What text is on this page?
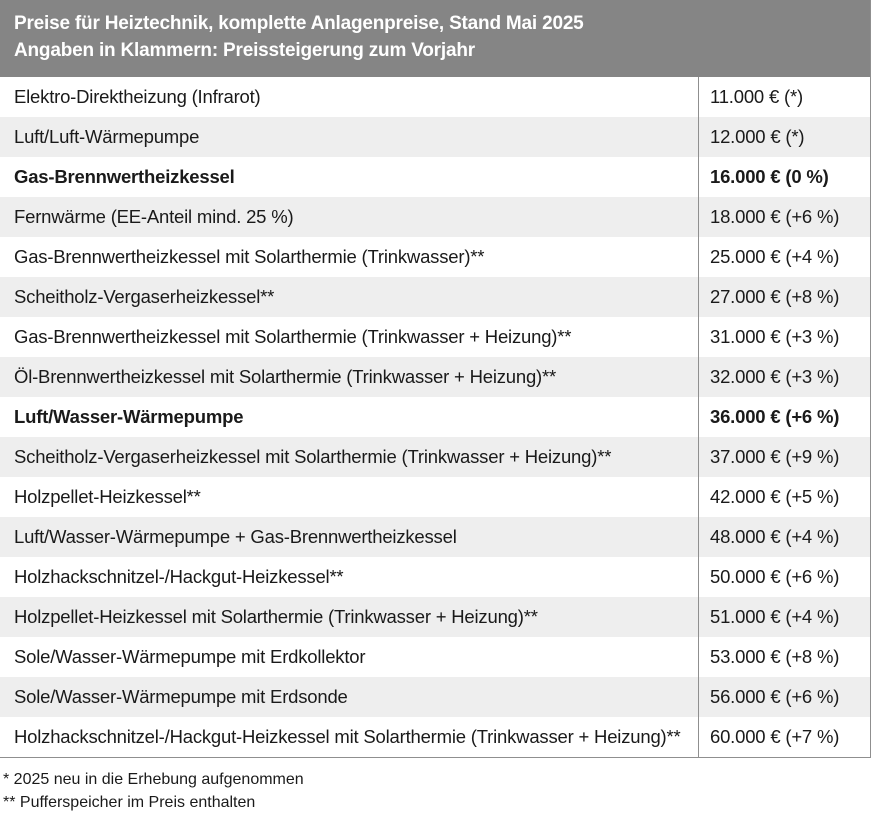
Preise für Heiztechnik, komplette Anlagenpreise, Stand Mai 2025
Angaben in Klammern: Preissteigerung zum Vorjahr
Elektro-Direktheizung (Infrarot)	11.000 € (*)
Luft/Luft-Wärmepumpe	12.000 € (*)
Gas-Brennwertheizkessel	16.000 € (0 %)
Fernwärme (EE-Anteil mind. 25 %)	18.000 € (+6 %)
Gas-Brennwertheizkessel mit Solarthermie (Trinkwasser)**	25.000 € (+4 %)
Scheitholz-Vergaserheizkessel**	27.000 € (+8 %)
Gas-Brennwertheizkessel mit Solarthermie (Trinkwasser + Heizung)**	31.000 € (+3 %)
Öl-Brennwertheizkessel mit Solarthermie (Trinkwasser + Heizung)**	32.000 € (+3 %)
Luft/Wasser-Wärmepumpe	36.000 € (+6 %)
Scheitholz-Vergaserheizkessel mit Solarthermie (Trinkwasser + Heizung)**	37.000 € (+9 %)
Holzpellet-Heizkessel**	42.000 € (+5 %)
Luft/Wasser-Wärmepumpe + Gas-Brennwertheizkessel	48.000 € (+4 %)
Holzhackschnitzel-/Hackgut-Heizkessel**	50.000 € (+6 %)
Holzpellet-Heizkessel mit Solarthermie (Trinkwasser + Heizung)**	51.000 € (+4 %)
Sole/Wasser-Wärmepumpe mit Erdkollektor	53.000 € (+8 %)
Sole/Wasser-Wärmepumpe mit Erdsonde	56.000 € (+6 %)
Holzhackschnitzel-/Hackgut-Heizkessel mit Solarthermie (Trinkwasser + Heizung)**	60.000 € (+7 %)
* 2025 neu in die Erhebung aufgenommen
** Pufferspeicher im Preis enthalten
